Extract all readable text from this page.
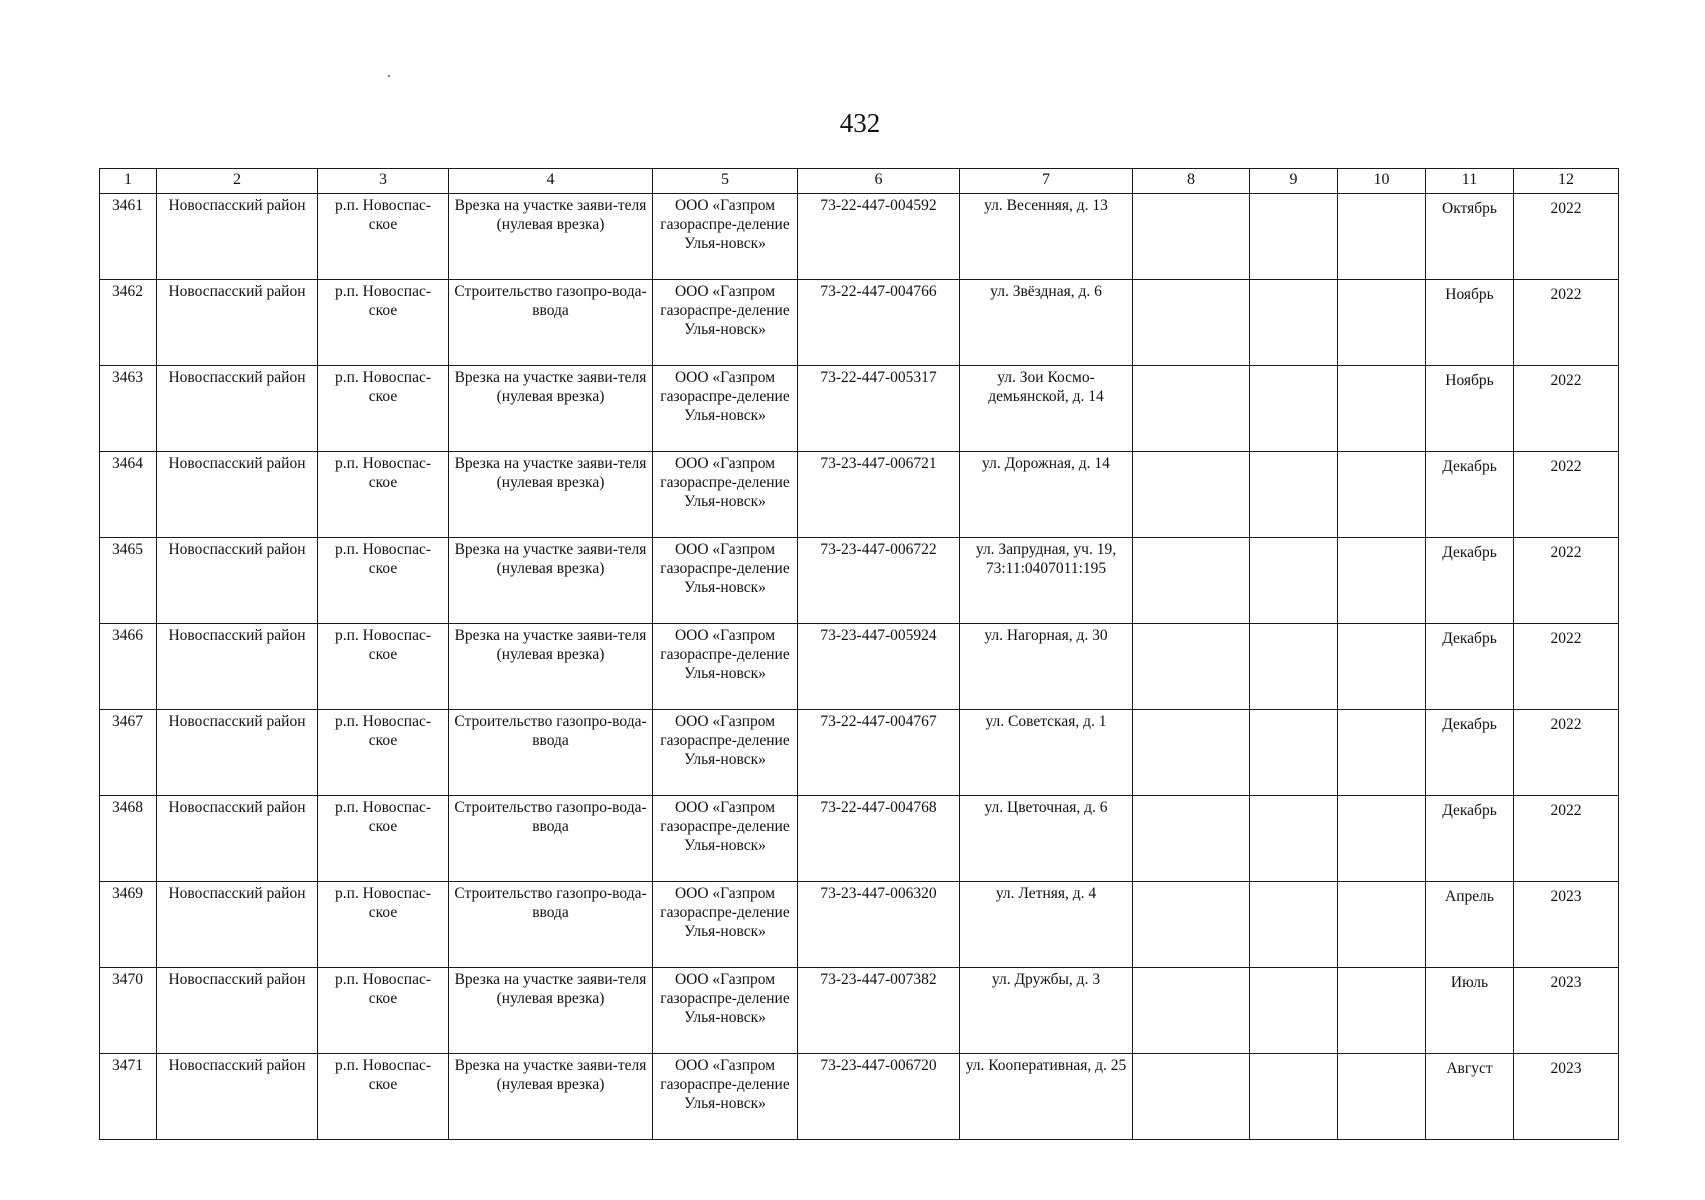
432
1	2	3	4	5	6	7	8	9	10	11	12
3461	Новоспасский район	р.п. Новоспас-ское	Врезка на участке заяви-теля (нулевая врезка)	ООО «Газпром газораспре-деление Улья-новск»	73-22-447-004592	ул. Весенняя, д. 13				Октябрь	2022
3462	Новоспасский район	р.п. Новоспас-ское	Строительство газопро-вода-ввода	ООО «Газпром газораспре-деление Улья-новск»	73-22-447-004766	ул. Звёздная, д. 6				Ноябрь	2022
3463	Новоспасский район	р.п. Новоспас-ское	Врезка на участке заяви-теля (нулевая врезка)	ООО «Газпром газораспре-деление Улья-новск»	73-22-447-005317	ул. Зои Космо-демьянской, д. 14				Ноябрь	2022
3464	Новоспасский район	р.п. Новоспас-ское	Врезка на участке заяви-теля (нулевая врезка)	ООО «Газпром газораспре-деление Улья-новск»	73-23-447-006721	ул. Дорожная, д. 14				Декабрь	2022
3465	Новоспасский район	р.п. Новоспас-ское	Врезка на участке заяви-теля (нулевая врезка)	ООО «Газпром газораспре-деление Улья-новск»	73-23-447-006722	ул. Запрудная, уч. 19, 73:11:0407011:195				Декабрь	2022
3466	Новоспасский район	р.п. Новоспас-ское	Врезка на участке заяви-теля (нулевая врезка)	ООО «Газпром газораспре-деление Улья-новск»	73-23-447-005924	ул. Нагорная, д. 30				Декабрь	2022
3467	Новоспасский район	р.п. Новоспас-ское	Строительство газопро-вода-ввода	ООО «Газпром газораспре-деление Улья-новск»	73-22-447-004767	ул. Советская, д. 1				Декабрь	2022
3468	Новоспасский район	р.п. Новоспас-ское	Строительство газопро-вода-ввода	ООО «Газпром газораспре-деление Улья-новск»	73-22-447-004768	ул. Цветочная, д. 6				Декабрь	2022
3469	Новоспасский район	р.п. Новоспас-ское	Строительство газопро-вода-ввода	ООО «Газпром газораспре-деление Улья-новск»	73-23-447-006320	ул. Летняя, д. 4				Апрель	2023
3470	Новоспасский район	р.п. Новоспас-ское	Врезка на участке заяви-теля (нулевая врезка)	ООО «Газпром газораспре-деление Улья-новск»	73-23-447-007382	ул. Дружбы, д. 3				Июль	2023
3471	Новоспасский район	р.п. Новоспас-ское	Врезка на участке заяви-теля (нулевая врезка)	ООО «Газпром газораспре-деление Улья-новск»	73-23-447-006720	ул. Кооперативная, д. 25				Август	2023
